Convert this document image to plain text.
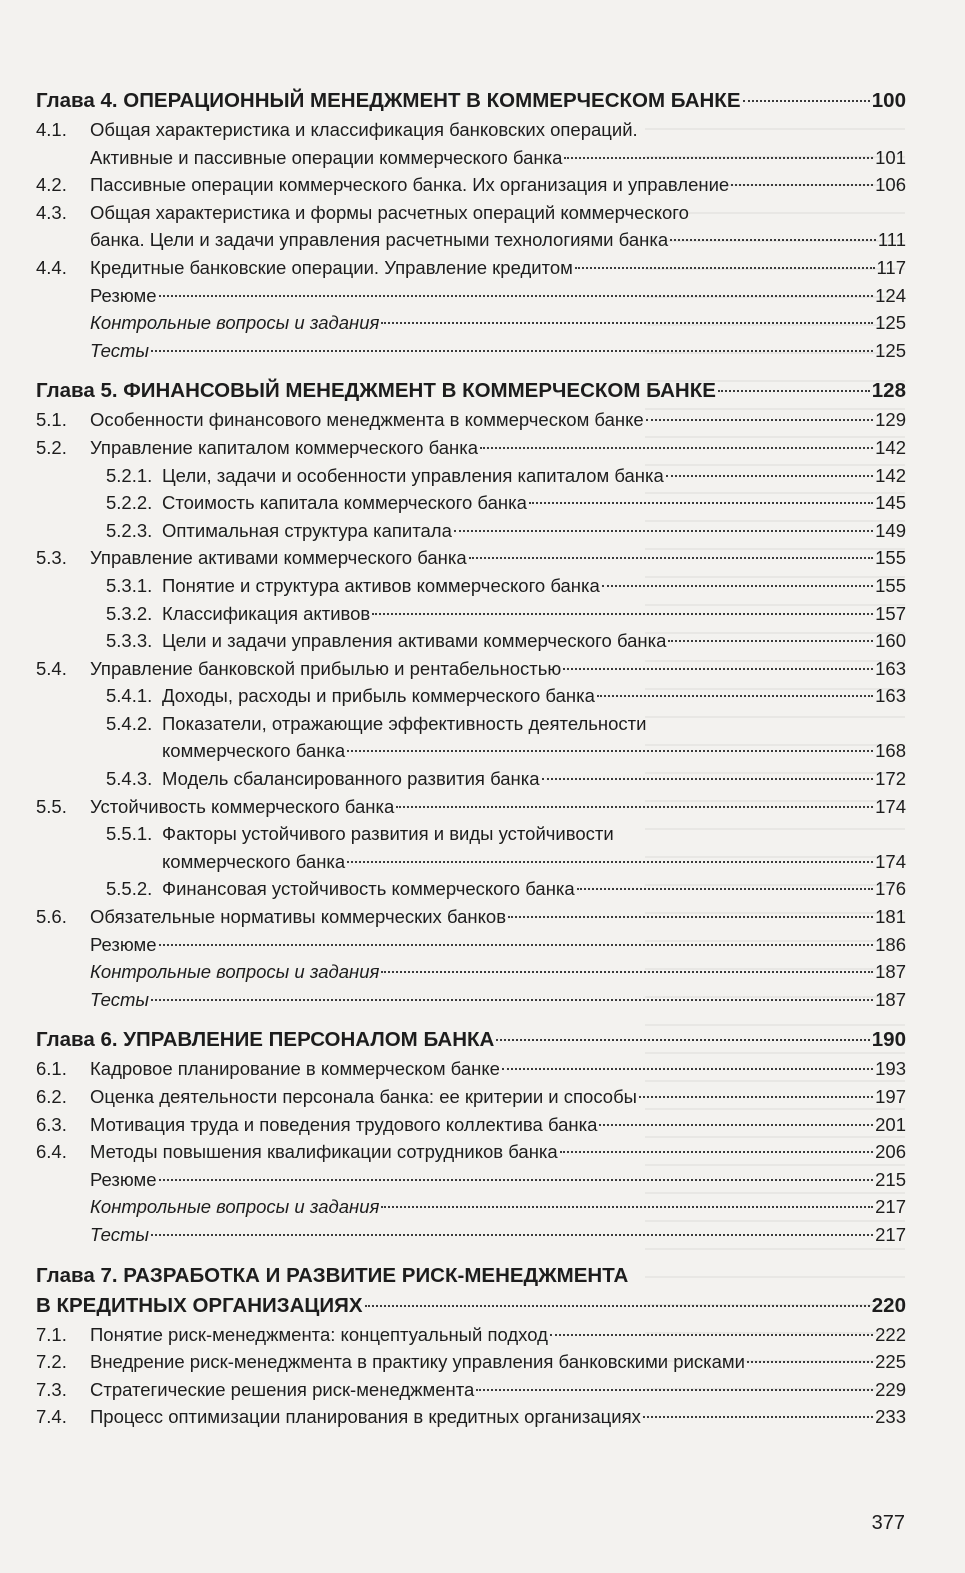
Глава 4. ОПЕРАЦИОННЫЙ МЕНЕДЖМЕНТ В КОММЕРЧЕСКОМ БАНКЕ	100
4.1.	Общая характеристика и классификация банковских операций.
Активные и пассивные операции коммерческого банка	101
4.2.	Пассивные операции коммерческого банка. Их организация и управление	106
4.3.	Общая характеристика и формы расчетных операций коммерческого
банка. Цели и задачи управления расчетными технологиями банка	111
4.4.	Кредитные банковские операции. Управление кредитом	117
Резюме	124
Контрольные вопросы и задания	125
Тесты	125
Глава 5. ФИНАНСОВЫЙ МЕНЕДЖМЕНТ В КОММЕРЧЕСКОМ БАНКЕ	128
5.1.	Особенности финансового менеджмента в коммерческом банке	129
5.2.	Управление капиталом коммерческого банка	142
5.2.1. Цели, задачи и особенности управления капиталом банка	142
5.2.2. Стоимость капитала коммерческого банка	145
5.2.3. Оптимальная структура капитала	149
5.3.	Управление активами коммерческого банка	155
5.3.1. Понятие и структура активов коммерческого банка	155
5.3.2. Классификация активов	157
5.3.3. Цели и задачи управления активами коммерческого банка	160
5.4.	Управление банковской прибылью и рентабельностью	163
5.4.1. Доходы, расходы и прибыль коммерческого банка	163
5.4.2. Показатели, отражающие эффективность деятельности
коммерческого банка	168
5.4.3. Модель сбалансированного развития банка	172
5.5.	Устойчивость коммерческого банка	174
5.5.1. Факторы устойчивого развития и виды устойчивости
коммерческого банка	174
5.5.2. Финансовая устойчивость коммерческого банка	176
5.6.	Обязательные нормативы коммерческих банков	181
Резюме	186
Контрольные вопросы и задания	187
Тесты	187
Глава 6. УПРАВЛЕНИЕ ПЕРСОНАЛОМ БАНКА	190
6.1.	Кадровое планирование в коммерческом банке	193
6.2.	Оценка деятельности персонала банка: ее критерии и способы	197
6.3.	Мотивация труда и поведения трудового коллектива банка	201
6.4.	Методы повышения квалификации сотрудников банка	206
Резюме	215
Контрольные вопросы и задания	217
Тесты	217
Глава 7. РАЗРАБОТКА И РАЗВИТИЕ РИСК-МЕНЕДЖМЕНТА
В КРЕДИТНЫХ ОРГАНИЗАЦИЯХ	220
7.1.	Понятие риск-менеджмента: концептуальный подход	222
7.2.	Внедрение риск-менеджмента в практику управления банковскими рисками	225
7.3.	Стратегические решения риск-менеджмента	229
7.4.	Процесс оптимизации планирования в кредитных организациях	233
377
